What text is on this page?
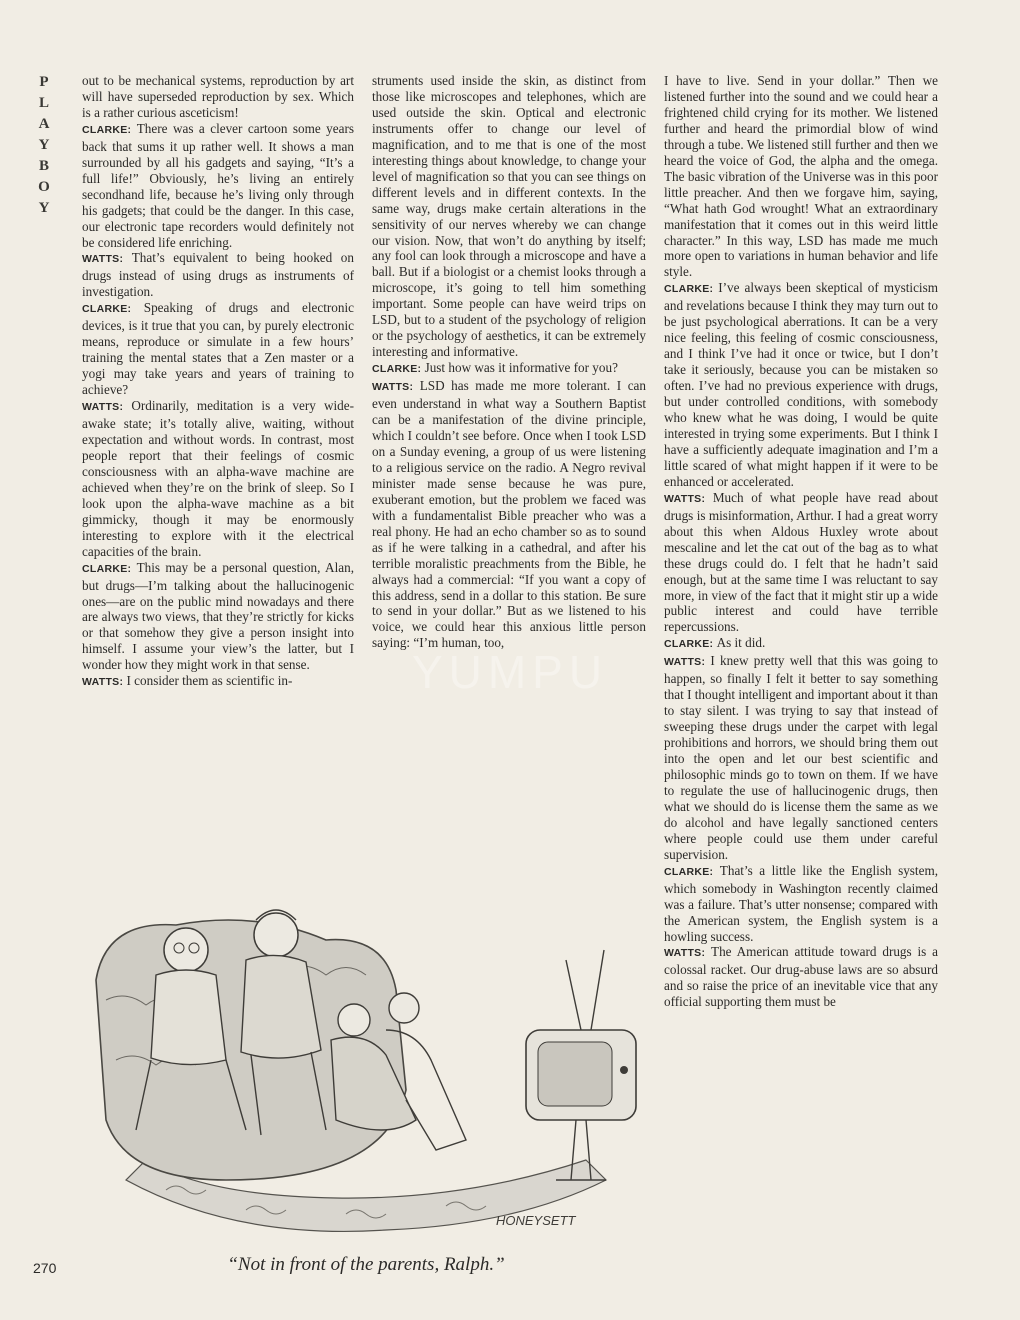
P
L
A
Y
B
O
Y

out to be mechanical systems, reproduction by art will have superseded reproduction by sex. Which is a rather curious asceticism!

CLARKE: There was a clever cartoon some years back that sums it up rather well. It shows a man surrounded by all his gadgets and saying, “It’s a full life!” Obviously, he’s living an entirely secondhand life, because he’s living only through his gadgets; that could be the danger. In this case, our electronic tape recorders would definitely not be considered life enriching.

WATTS: That’s equivalent to being hooked on drugs instead of using drugs as instruments of investigation.

CLARKE: Speaking of drugs and electronic devices, is it true that you can, by purely electronic means, reproduce or simulate in a few hours’ training the mental states that a Zen master or a yogi may take years and years of training to achieve?

WATTS: Ordinarily, meditation is a very wide-awake state; it’s totally alive, waiting, without expectation and without words. In contrast, most people report that their feelings of cosmic consciousness with an alpha-wave machine are achieved when they’re on the brink of sleep. So I look upon the alpha-wave machine as a bit gimmicky, though it may be enormously interesting to explore with it the electrical capacities of the brain.

CLARKE: This may be a personal question, Alan, but drugs—I’m talking about the hallucinogenic ones—are on the public mind nowadays and there are always two views, that they’re strictly for kicks or that somehow they give a person insight into himself. I assume your view’s the latter, but I wonder how they might work in that sense.

WATTS: I consider them as scientific in-

struments used inside the skin, as distinct from those like microscopes and telephones, which are used outside the skin. Optical and electronic instruments offer to change our level of magnification, and to me that is one of the most interesting things about knowledge, to change your level of magnification so that you can see things on different levels and in different contexts. In the same way, drugs make certain alterations in the sensitivity of our nerves whereby we can change our vision. Now, that won’t do anything by itself; any fool can look through a microscope and have a ball. But if a biologist or a chemist looks through a microscope, it’s going to tell him something important. Some people can have weird trips on LSD, but to a student of the psychology of religion or the psychology of aesthetics, it can be extremely interesting and informative.

CLARKE: Just how was it informative for you?

WATTS: LSD has made me more tolerant. I can even understand in what way a Southern Baptist can be a manifestation of the divine principle, which I couldn’t see before. Once when I took LSD on a Sunday evening, a group of us were listening to a religious service on the radio. A Negro revival minister made sense because he was pure, exuberant emotion, but the problem we faced was with a fundamentalist Bible preacher who was a real phony. He had an echo chamber so as to sound as if he were talking in a cathedral, and after his terrible moralistic preachments from the Bible, he always had a commercial: “If you want a copy of this address, send in a dollar to this station. Be sure to send in your dollar.” But as we listened to his voice, we could hear this anxious little person saying: “I’m human, too,

I have to live. Send in your dollar.” Then we listened further into the sound and we could hear a frightened child crying for its mother. We listened further and heard the primordial blow of wind through a tube. We listened still further and then we heard the voice of God, the alpha and the omega. The basic vibration of the Universe was in this poor little preacher. And then we forgave him, saying, “What hath God wrought! What an extraordinary manifestation that it comes out in this weird little character.” In this way, LSD has made me much more open to variations in human behavior and life style.

CLARKE: I’ve always been skeptical of mysticism and revelations because I think they may turn out to be just psychological aberrations. It can be a very nice feeling, this feeling of cosmic consciousness, and I think I’ve had it once or twice, but I don’t take it seriously, because you can be mistaken so often. I’ve had no previous experience with drugs, but under controlled conditions, with somebody who knew what he was doing, I would be quite interested in trying some experiments. But I think I have a sufficiently adequate imagination and I’m a little scared of what might happen if it were to be enhanced or accelerated.

WATTS: Much of what people have read about drugs is misinformation, Arthur. I had a great worry about this when Aldous Huxley wrote about mescaline and let the cat out of the bag as to what these drugs could do. I felt that he hadn’t said enough, but at the same time I was reluctant to say more, in view of the fact that it might stir up a wide public interest and could have terrible repercussions.

CLARKE: As it did.

WATTS: I knew pretty well that this was going to happen, so finally I felt it better to say something that I thought intelligent and important about it than to stay silent. I was trying to say that instead of sweeping these drugs under the carpet with legal prohibitions and horrors, we should bring them out into the open and let our best scientific and philosophic minds go to town on them. If we have to regulate the use of hallucinogenic drugs, then what we should do is license them the same as we do alcohol and have legally sanctioned centers where people could use them under careful supervision.

CLARKE: That’s a little like the English system, which somebody in Washington recently claimed was a failure. That’s utter nonsense; compared with the American system, the English system is a howling success.

WATTS: The American attitude toward drugs is a colossal racket. Our drug-abuse laws are so absurd and so raise the price of an inevitable vice that any official supporting them must be

HONEYSETT
“Not in front of the parents, Ralph.”
270
YUMPU
